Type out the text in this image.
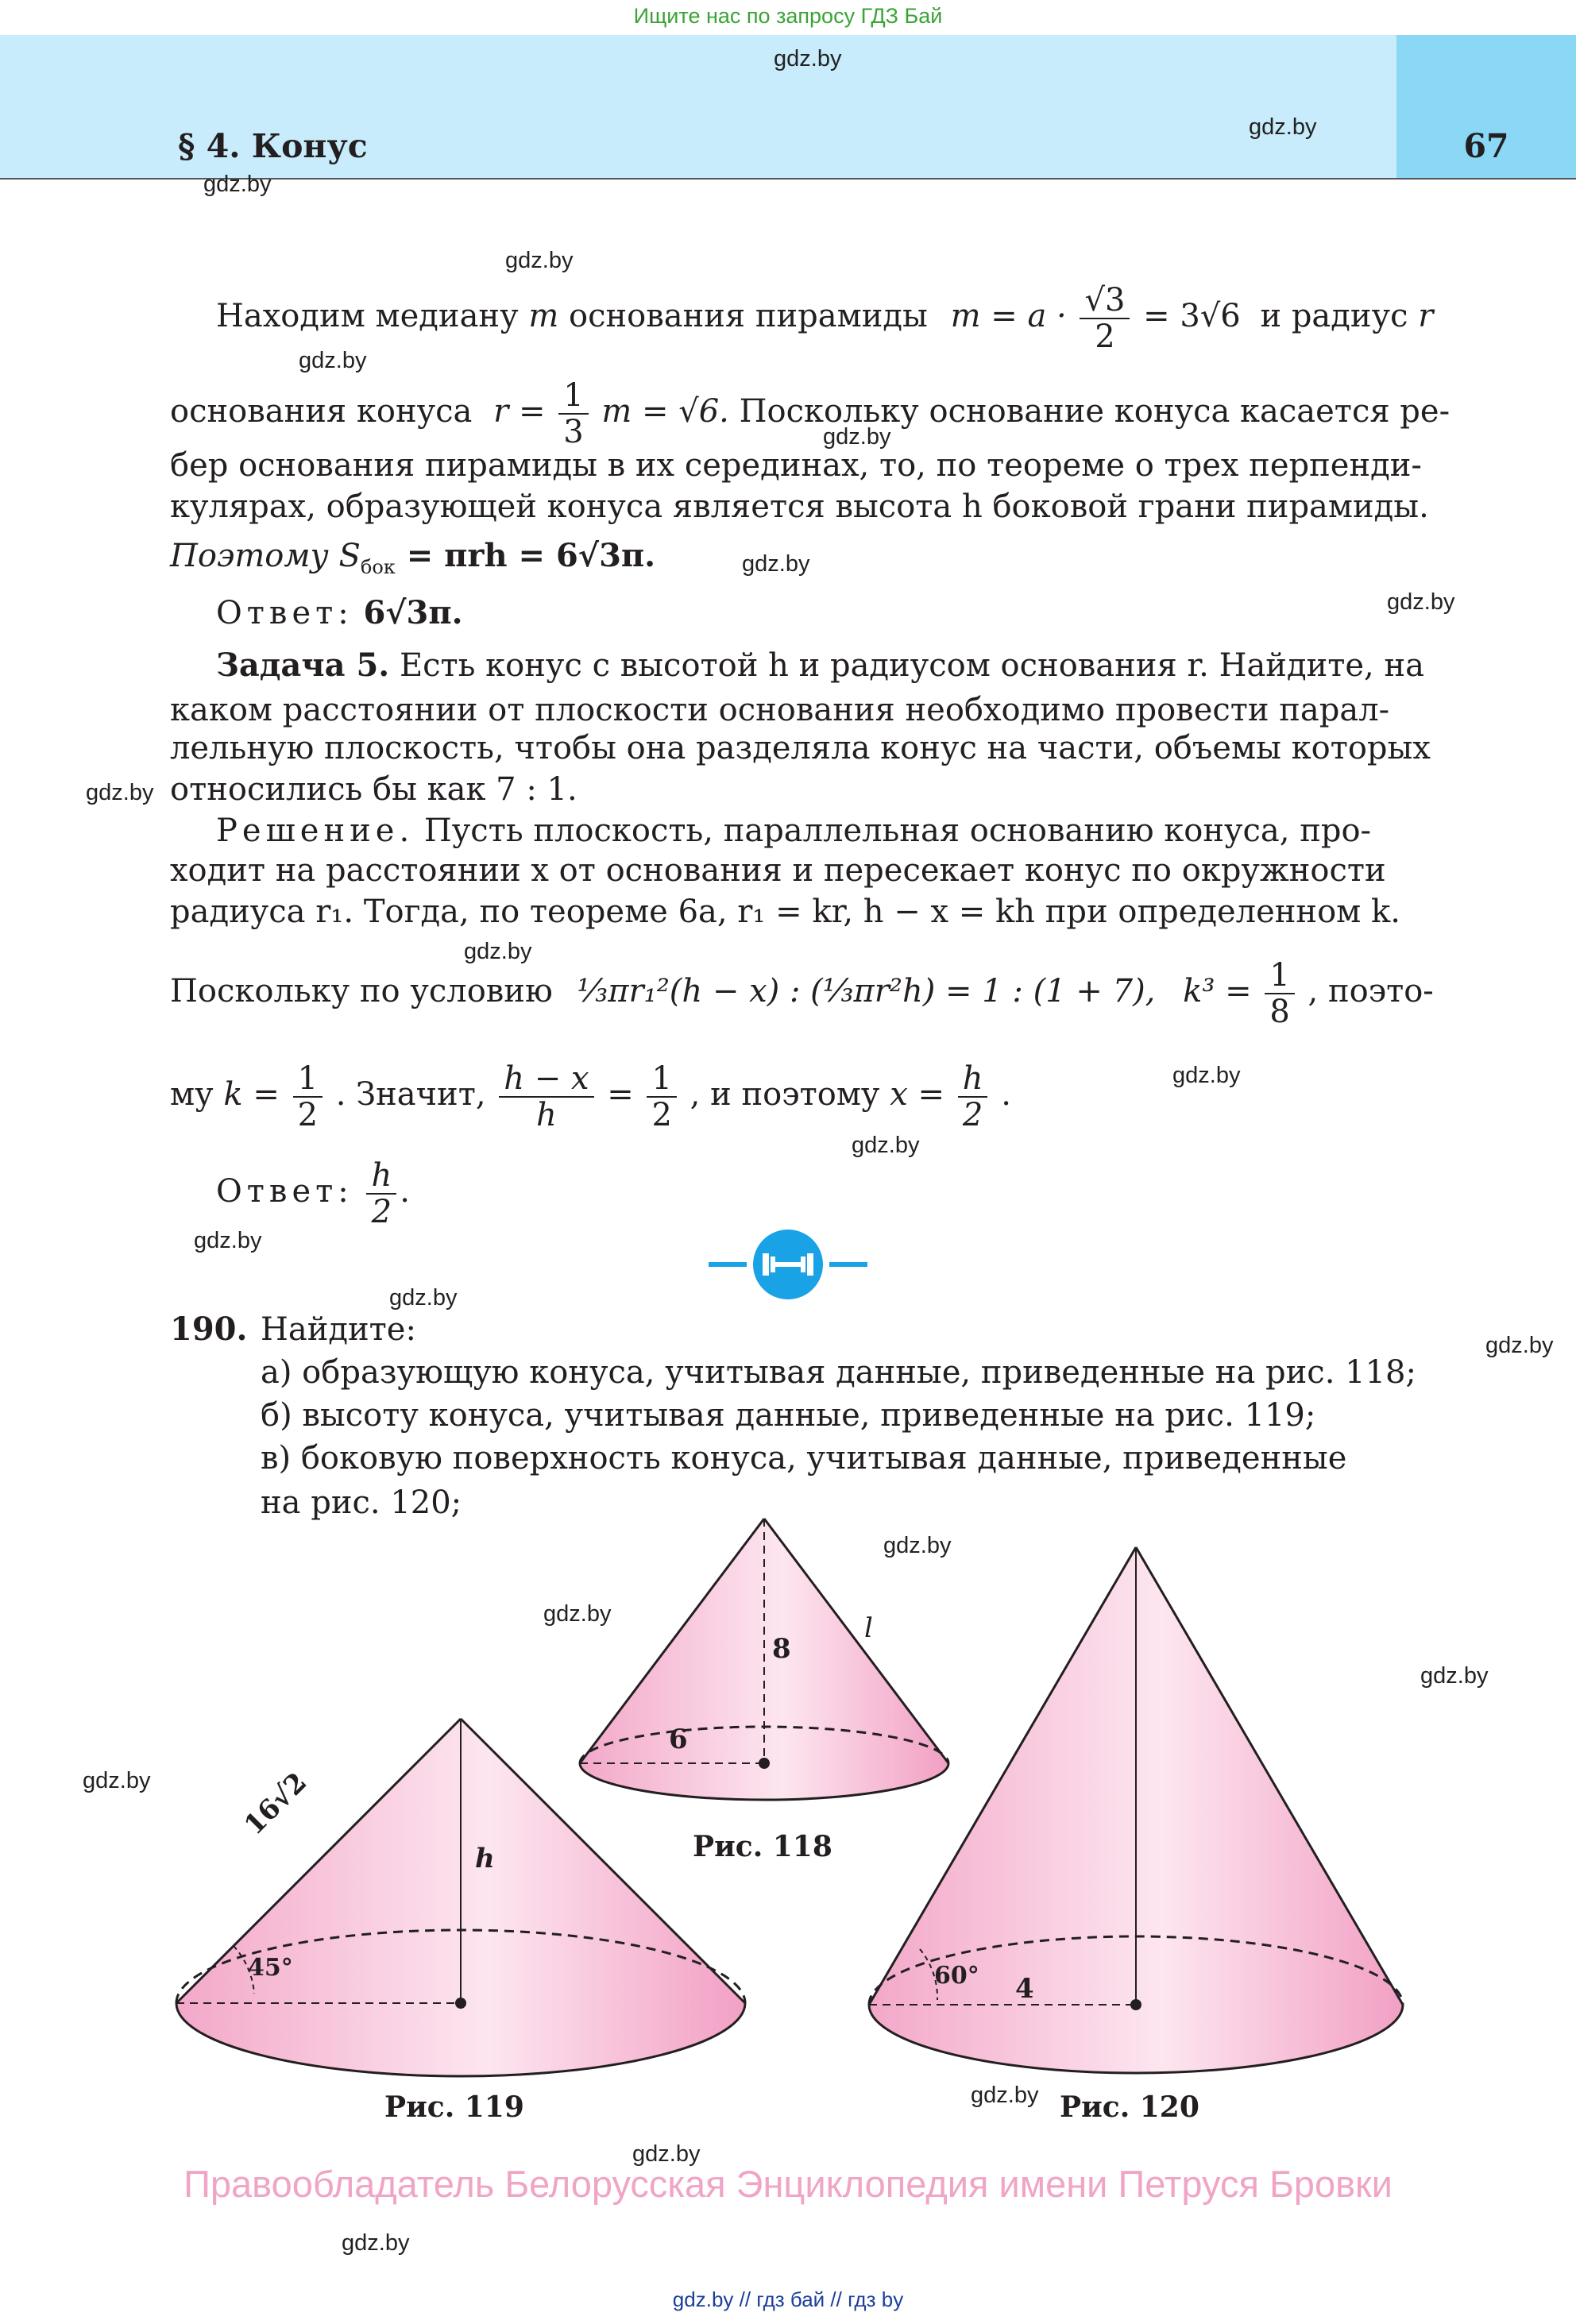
Ищите нас по запросу ГДЗ Бай
§ 4. Конус	67
gdz.by
gdz.by
gdz.by
gdz.by
gdz.by
gdz.by
gdz.by
gdz.by
gdz.by
gdz.by
gdz.by
gdz.by
gdz.by
gdz.by
gdz.by
gdz.by
gdz.by
gdz.by
gdz.by
gdz.by
gdz.by
gdz.by
Находим медиану m основания пирамиды $m = a \cdot \frac{√3}{2} = 3√6$ и радиус r
основания конуса $r = \frac{1}{3}$ m = √6. Поскольку основание конуса касается ре-
бер основания пирамиды в их серединах, то, по теореме о трех перпенди-
кулярах, образующей конуса является высота h боковой грани пирамиды.
Поэтому $S_{бок} = \pi rh = 6√3\pi$.
Ответ: 6√3π.
Задача 5. Есть конус с высотой h и радиусом основания r. Найдите, на
каком расстоянии от плоскости основания необходимо провести парал-
лельную плоскость, чтобы она разделяла конус на части, объемы которых
относились бы как 7 : 1.
Решение. Пусть плоскость, параллельная основанию конуса, про-
ходит на расстоянии x от основания и пересекает конус по окружности
радиуса r₁. Тогда, по теореме 6а, r₁ = kr, h − x = kh при определенном k.
Поскольку по условию ⅓πr₁²(h − x) : (⅓πr²h) = 1 : (1 + 7), $k^3 = \frac{1}{8}$ , поэто-
му $k = \frac{1}{2}$ . Значит, $\frac{h - x}{h} = \frac{1}{2}$ , и поэтому $x = \frac{h}{2}$ .
Ответ: $\frac{h}{2}$ .
190. Найдите:
а) образующую конуса, учитывая данные, приведенные на рис. 118;
б) высоту конуса, учитывая данные, приведенные на рис. 119;
в) боковую поверхность конуса, учитывая данные, приведенные
на рис. 120;
8
6
l
Рис. 118
16√2
h
45°
Рис. 119
4
60°
Рис. 120
Правообладатель Белорусская Энциклопедия имени Петруся Бровки
gdz.by // гдз бай // гдз by
